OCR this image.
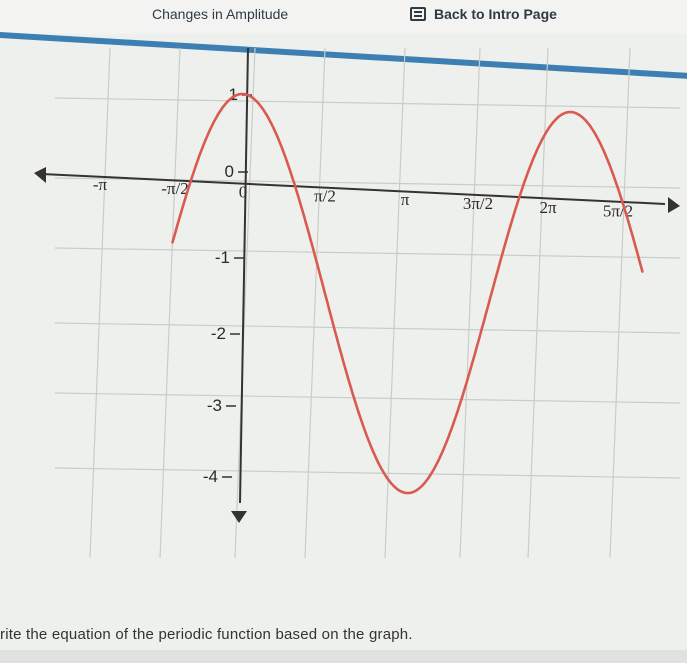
Changes in Amplitude	Back to Intro Page
-π	-π/2	0	π/2	π	3π/2	2π	5π/2
1
0
-1
-2
-3
-4
rite the equation of the periodic function based on the graph.
